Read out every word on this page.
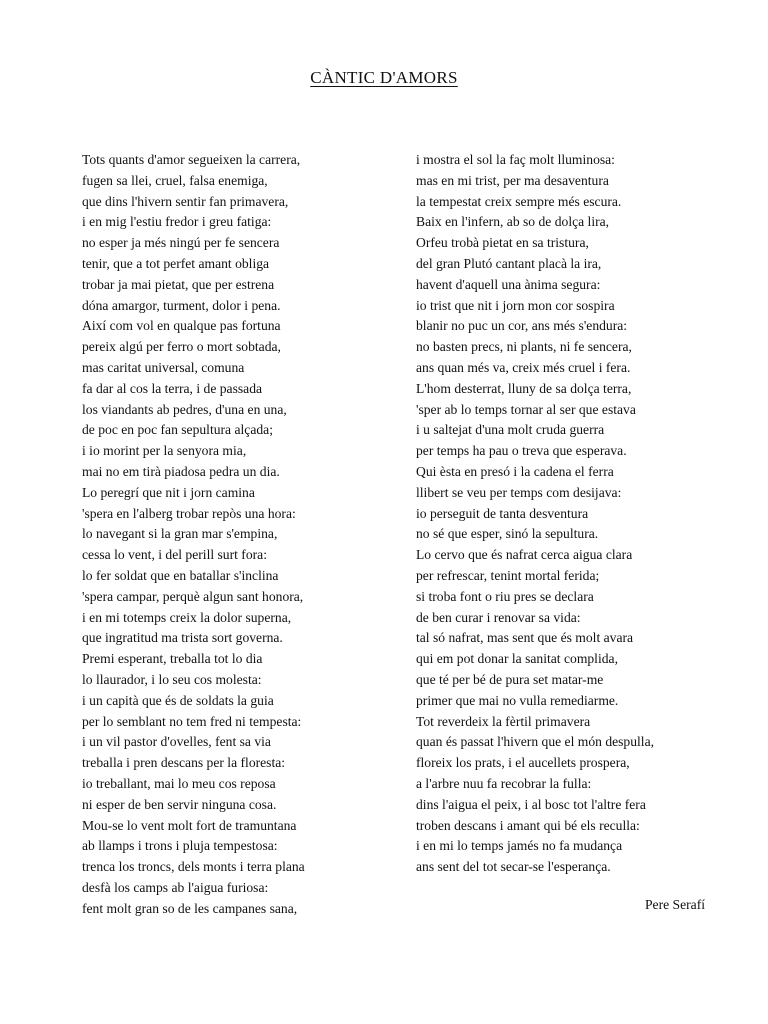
CÀNTIC D'AMORS
Tots quants d'amor segueixen la carrera,
fugen sa llei, cruel, falsa enemiga,
que dins l'hivern sentir fan primavera,
i en mig l'estiu fredor i greu fatiga:
no esper ja més ningú per fe sencera
tenir, que a tot perfet amant obliga
trobar ja mai pietat, que per estrena
dóna amargor, turment, dolor i pena.
Així com vol en qualque pas fortuna
pereix algú per ferro o mort sobtada,
mas caritat universal, comuna
fa dar al cos la terra, i de passada
los viandants ab pedres, d'una en una,
de poc en poc fan sepultura alçada;
i io morint per la senyora mia,
mai no em tirà piadosa pedra un dia.
Lo peregrí que nit i jorn camina
'spera en l'alberg trobar repòs una hora:
lo navegant si la gran mar s'empina,
cessa lo vent, i del perill surt fora:
lo fer soldat que en batallar s'inclina
'spera campar, perquè algun sant honora,
i en mi totemps creix la dolor superna,
que ingratitud ma trista sort governa.
Premi esperant, treballa tot lo dia
lo llaurador, i lo seu cos molesta:
i un capità que és de soldats la guia
per lo semblant no tem fred ni tempesta:
i un vil pastor d'ovelles, fent sa via
treballa i pren descans per la floresta:
io treballant, mai lo meu cos reposa
ni esper de ben servir ninguna cosa.
Mou-se lo vent molt fort de tramuntana
ab llamps i trons i pluja tempestosa:
trenca los troncs, dels monts i terra plana
desfà los camps ab l'aigua furiosa:
fent molt gran so de les campanes sana,
i mostra el sol la faç molt lluminosa:
mas en mi trist, per ma desaventura
la tempestat creix sempre més escura.
Baix en l'infern, ab so de dolça lira,
Orfeu trobà pietat en sa tristura,
del gran Plutó cantant placà la ira,
havent d'aquell una ànima segura:
io trist que nit i jorn mon cor sospira
blanir no puc un cor, ans més s'endura:
no basten precs, ni plants, ni fe sencera,
ans quan més va, creix més cruel i fera.
L'hom desterrat, lluny de sa dolça terra,
'sper ab lo temps tornar al ser que estava
i u saltejat d'una molt cruda guerra
per temps ha pau o treva que esperava.
Qui èsta en presó i la cadena el ferra
llibert se veu per temps com desijava:
io perseguit de tanta desventura
no sé que esper, sinó la sepultura.
Lo cervo que és nafrat cerca aigua clara
per refrescar, tenint mortal ferida;
si troba font o riu pres se declara
de ben curar i renovar sa vida:
tal só nafrat, mas sent que és molt avara
qui em pot donar la sanitat complida,
que té per bé de pura set matar-me
primer que mai no vulla remediarme.
Tot reverdeix la fèrtil primavera
quan és passat l'hivern que el món despulla,
floreix los prats, i el aucellets prospera,
a l'arbre nuu fa recobrar la fulla:
dins l'aigua el peix, i al bosc tot l'altre fera
troben descans i amant qui bé els reculla:
i en mi lo temps jamés no fa mudança
ans sent del tot secar-se l'esperança.
Pere Serafí
